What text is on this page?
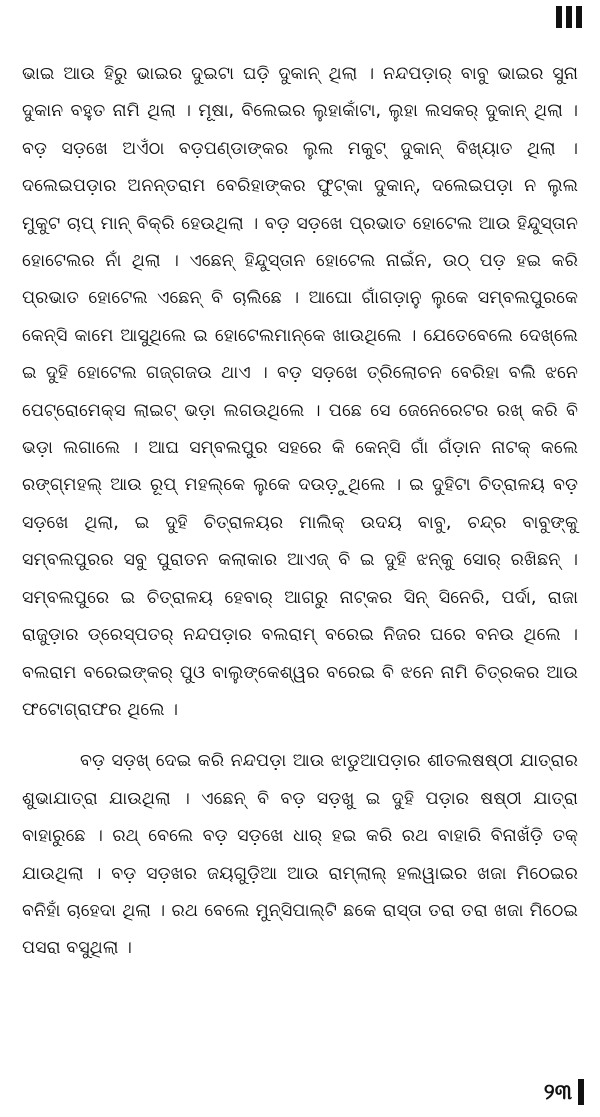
ଭାଇ ଆଉ ହିରୁ ଭାଇର ଦୁଇଟା ଘଡ଼ି ଦୁକାନ୍ ଥିଲା । ନନ୍ଦପଡ଼ାର୍ ବାବୁ ଭାଇର ସୁନା ଦୁକାନ ବହୁତ ନାମି ଥିଲା । ମୂଷା, ବିଲେଇର ଲୁହାକାଁଟା, ଲୁହା ଲସକର୍ ଦୁକାନ୍ ଥିଲା । ବଡ଼ ସଡ଼ଖେ ଅଏଁଠା ବଡ଼ପଣ୍ଡାଙ୍କର ଲୁଲ ମକୁଟ୍ ଦୁକାନ୍ ବିଖ୍ୟାତ ଥିଲା । ଦଲେଇପଡ଼ାର ଅନନ୍ତରାମ ବେରିହାଙ୍କର ଫୁଟ୍‌କା ଦୁକାନ୍, ଦଲେଇପଡ଼ା ନ ଲୁଲ ମୁକୁଟ ଚାପ୍ ମାନ୍ ବିକ୍ରି ହେଉଥିଲା । ବଡ଼ ସଡ଼ଖେ ପ୍ରଭାତ ହୋଟେଲ ଆଉ ହିନ୍ଦୁସ୍ତାନ ହୋଟେଲର ନାଁ ଥିଲା । ଏଛେନ୍ ହିନ୍ଦୁସ୍ତାନ ହୋଟେଲ ନାଇଁନ, ଉଠ୍ ପଡ଼ ହଇ କରି ପ୍ରଭାତ ହୋଟେଲ ଏଛେନ୍ ବି ଚାଲିଛେ । ଆଘୋ ଗାଁଗଡ଼ାନୁ ଲୁକେ ସମ୍ବଲପୁରକେ କେନ୍‌ସି କାମେ ଆସୁଥିଲେ ଇ ହୋଟେଲମାନ୍‌କେ ଖାଉଥିଲେ । ଯେତେବେଲେ ଦେଖ୍‌ଲେ ଇ ଦୁହି ହୋଟେଲ ଗଜ୍‌ଗଜଉ ଥାଏ । ବଡ଼ ସଡ଼ଖେ ତ୍ରିଲୋଚନ ବେରିହା ବଲି ଝନେ ପେଟ୍ରୋମେକ୍ସ ଲାଇଟ୍ ଭଡ଼ା ଲଗଉଥିଲେ । ପଛେ ସେ ଜେନେରେଟର ରଖ୍ କରି ବି ଭଡ଼ା ଲଗାଲେ । ଆଘ ସମ୍ବଲପୁର ସହରେ କି କେନ୍‌ସି ଗାଁ ଗଁଡ଼ାନ ନାଟକ୍ କଲେ ରଙ୍ଗ୍‌ମହଲ୍ ଆଉ ରୂପ୍ ମହଲ୍‌କେ ଲୁକେ ଦଉଡ଼ୁଥିଲେ । ଇ ଦୁହିଟା ଚିତ୍ରାଳୟ ବଡ଼ ସଡ଼ଖେ ଥିଲା, ଇ ଦୁହି ଚିତ୍ରାଳୟର ମାଲିକ୍ ଉଦୟ ବାବୁ, ଚନ୍ଦ୍ର ବାବୁଙ୍କୁ ସମ୍ବଲପୁରର ସବୁ ପୁରାତନ କଲାକାର ଆଏଜ୍ ବି ଇ ଦୁହି ଝନ୍‌କୁ ସୋର୍ ରଖିଛନ୍ । ସମ୍ବଲପୁରେ ଇ ଚିତ୍ରାଳୟ ହେବାର୍ ଆଗରୁ ନାଟ୍‌କର ସିନ୍ ସିନେରି, ପର୍ଦା, ରାଜା ରାଜୁଡ଼ାର ଡ୍ରେସ୍‌ପତର୍ ନନ୍ଦପଡ଼ାର ବଲରାମ୍ ବରେଇ ନିଜର ଘରେ ବନଉ ଥିଲେ । ବଲରାମ ବରେଇଙ୍କର୍ ପୁଓ ବାଲୁଙ୍କେଶ୍ୱର ବରେଇ ବି ଝନେ ନାମି ଚିତ୍ରକର ଆଉ ଫଟୋଗ୍ରାଫର ଥିଲେ ।

ବଡ଼ ସଡ଼ଖ୍ ଦେଇ କରି ନନ୍ଦପଡ଼ା ଆଉ ଝାଡୁଆପଡ଼ାର ଶୀତଲଷଷ୍ଠୀ ଯାତ୍ରାର ଶୁଭାଯାତ୍ରା ଯାଉଥିଲା । ଏଛେନ୍ ବି ବଡ଼ ସଡ଼ଖୁ ଇ ଦୁହି ପଡ଼ାର ଷଷ୍ଠୀ ଯାତ୍ରା ବାହାରୁଛେ । ରଥ୍ ବେଲେ ବଡ଼ ସଡ଼ଖେ ଧାର୍ ହଇ କରି ରଥ ବାହାରି ବିନାଖଁଡ଼ି ତକ୍ ଯାଉଥିଲା । ବଡ଼ ସଡ଼ଖର ଜୟଗୁଡ଼ିଆ ଆଉ ରାମ୍‌ଲାଲ୍ ହଲୱାଇର ଖଜା ମିଠେଇର ବନିହାଁ ଚାହେଦା ଥିଲା । ରଥ ବେଲେ ମୁନ୍‌ସିପାଲ୍‌ଟି ଛକେ ରାସ୍ତା ତରା ତରା ଖଜା ମିଠେଇ ପସରା ବସୁଥିଲା ।

୨୩
